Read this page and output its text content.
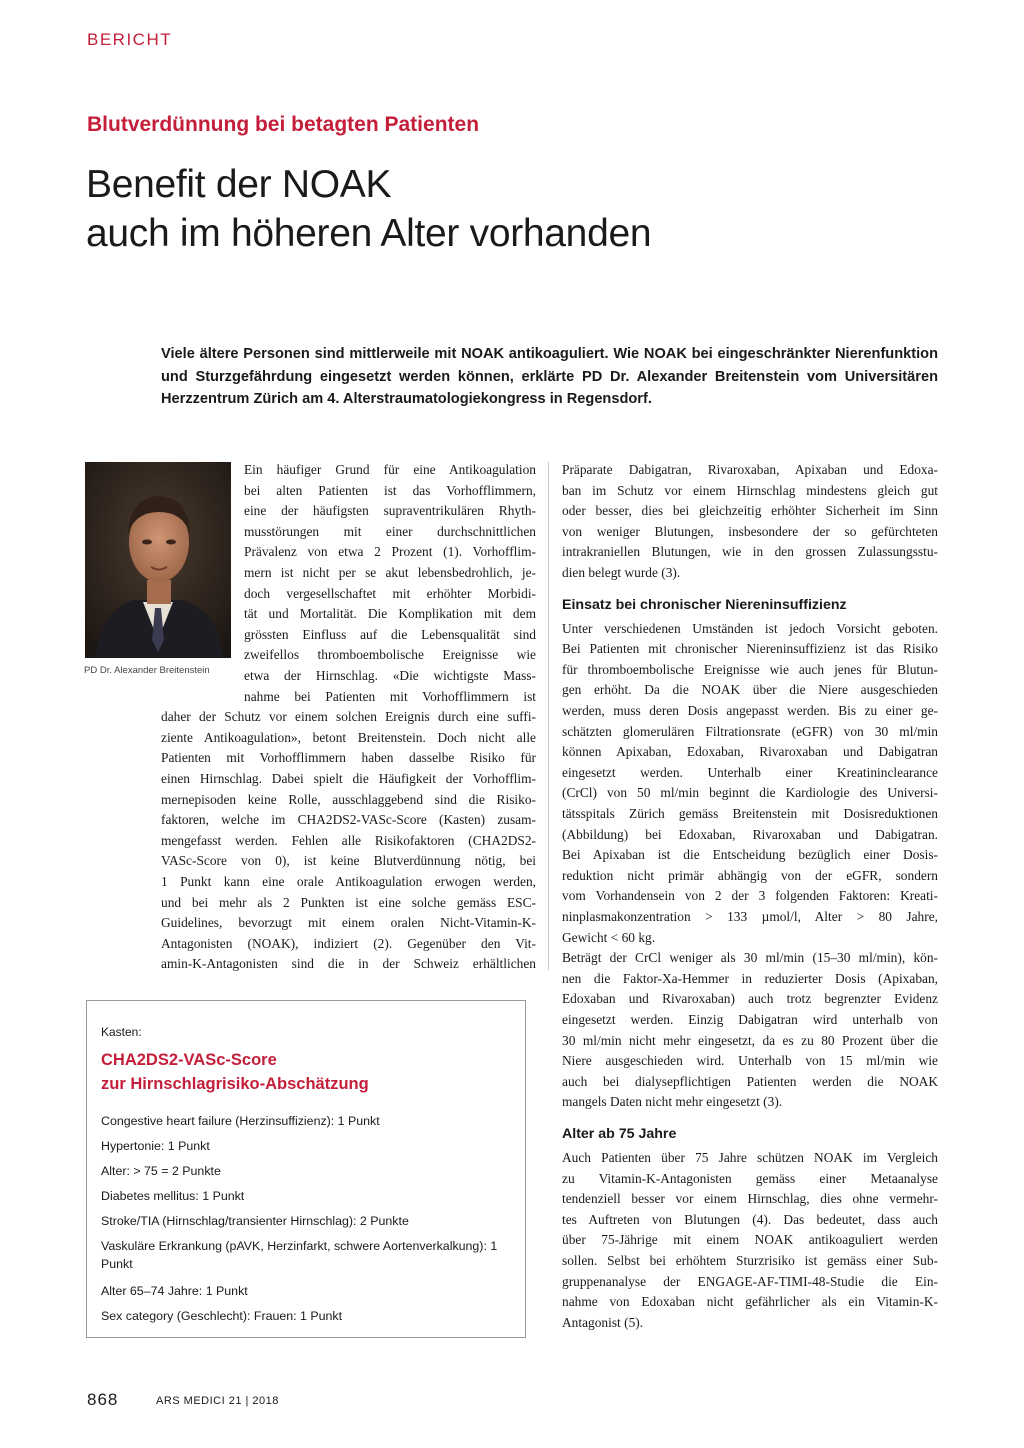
BERICHT
Blutverdünnung bei betagten Patienten
Benefit der NOAK
auch im höheren Alter vorhanden

Viele ältere Personen sind mittlerweile mit NOAK antikoaguliert. Wie NOAK bei eingeschränkter Nierenfunktion und Sturzgefährdung eingesetzt werden können, erklärte PD Dr. Alexander Breitenstein vom Universitären Herzzentrum Zürich am 4. Alterstraumatologiekongress in Regensdorf.

PD Dr. Alexander Breitenstein
Ein häufiger Grund für eine Antikoagulation
bei alten Patienten ist das Vorhofflimmern,
eine der häufigsten supraventrikulären Rhyth-
musstörungen mit einer durchschnittlichen
Prävalenz von etwa 2 Prozent (1). Vorhofflim-
mern ist nicht per se akut lebensbedrohlich, je-
doch vergesellschaftet mit erhöhter Morbidi-
tät und Mortalität. Die Komplikation mit dem
grössten Einfluss auf die Lebensqualität sind
zweifellos thromboembolische Ereignisse wie
etwa der Hirnschlag. «Die wichtigste Mass-
nahme bei Patienten mit Vorhofflimmern ist
daher der Schutz vor einem solchen Ereignis durch eine suffi-
ziente Antikoagulation», betont Breitenstein. Doch nicht alle
Patienten mit Vorhofflimmern haben dasselbe Risiko für
einen Hirnschlag. Dabei spielt die Häufigkeit der Vorhofflim-
mernepisoden keine Rolle, ausschlaggebend sind die Risiko-
faktoren, welche im CHA2DS2-VASc-Score (Kasten) zusam-
mengefasst werden. Fehlen alle Risikofaktoren (CHA2DS2-
VASc-Score von 0), ist keine Blutverdünnung nötig, bei
1 Punkt kann eine orale Antikoagulation erwogen werden,
und bei mehr als 2 Punkten ist eine solche gemäss ESC-
Guidelines, bevorzugt mit einem oralen Nicht-Vitamin-K-
Antagonisten (NOAK), indiziert (2). Gegenüber den Vit-
amin-K-Antagonisten sind die in der Schweiz erhältlichen
Präparate Dabigatran, Rivaroxaban, Apixaban und Edoxa-
ban im Schutz vor einem Hirnschlag mindestens gleich gut
oder besser, dies bei gleichzeitig erhöhter Sicherheit im Sinn
von weniger Blutungen, insbesondere der so gefürchteten
intrakraniellen Blutungen, wie in den grossen Zulassungsstu-
dien belegt wurde (3).
Einsatz bei chronischer Niereninsuffizienz
Unter verschiedenen Umständen ist jedoch Vorsicht geboten.
Bei Patienten mit chronischer Niereninsuffizienz ist das Risiko
für thromboembolische Ereignisse wie auch jenes für Blutun-
gen erhöht. Da die NOAK über die Niere ausgeschieden
werden, muss deren Dosis angepasst werden. Bis zu einer ge-
schätzten glomerulären Filtrationsrate (eGFR) von 30 ml/min
können Apixaban, Edoxaban, Rivaroxaban und Dabigatran
eingesetzt werden. Unterhalb einer Kreatininclearance
(CrCl) von 50 ml/min beginnt die Kardiologie des Universi-
tätsspitals Zürich gemäss Breitenstein mit Dosisreduktionen
(Abbildung) bei Edoxaban, Rivaroxaban und Dabigatran.
Bei Apixaban ist die Entscheidung bezüglich einer Dosis-
reduktion nicht primär abhängig von der eGFR, sondern
vom Vorhandensein von 2 der 3 folgenden Faktoren: Kreati-
ninplasmakonzentration > 133 µmol/l, Alter > 80 Jahre,
Gewicht < 60 kg.
Beträgt der CrCl weniger als 30 ml/min (15–30 ml/min), kön-
nen die Faktor-Xa-Hemmer in reduzierter Dosis (Apixaban,
Edoxaban und Rivaroxaban) auch trotz begrenzter Evidenz
eingesetzt werden. Einzig Dabigatran wird unterhalb von
30 ml/min nicht mehr eingesetzt, da es zu 80 Prozent über die
Niere ausgeschieden wird. Unterhalb von 15 ml/min wie
auch bei dialysepflichtigen Patienten werden die NOAK
mangels Daten nicht mehr eingesetzt (3).
Alter ab 75 Jahre
Auch Patienten über 75 Jahre schützen NOAK im Vergleich
zu Vitamin-K-Antagonisten gemäss einer Metaanalyse
tendenziell besser vor einem Hirnschlag, dies ohne vermehr-
tes Auftreten von Blutungen (4). Das bedeutet, dass auch
über 75-Jährige mit einem NOAK antikoaguliert werden
sollen. Selbst bei erhöhtem Sturzrisiko ist gemäss einer Sub-
gruppenanalyse der ENGAGE-AF-TIMI-48-Studie die Ein-
nahme von Edoxaban nicht gefährlicher als ein Vitamin-K-
Antagonist (5).
Kasten:
CHA2DS2-VASc-Score
zur Hirnschlagrisiko-Abschätzung
Congestive heart failure (Herzinsuffizienz): 1 Punkt
Hypertonie: 1 Punkt
Alter: > 75 = 2 Punkte
Diabetes mellitus: 1 Punkt
Stroke/TIA (Hirnschlag/transienter Hirnschlag): 2 Punkte
Vaskuläre Erkrankung (pAVK, Herzinfarkt, schwere Aortenverkalkung): 1 Punkt
Alter 65–74 Jahre: 1 Punkt
Sex category (Geschlecht): Frauen: 1 Punkt
868	ARS MEDICI 21 | 2018
